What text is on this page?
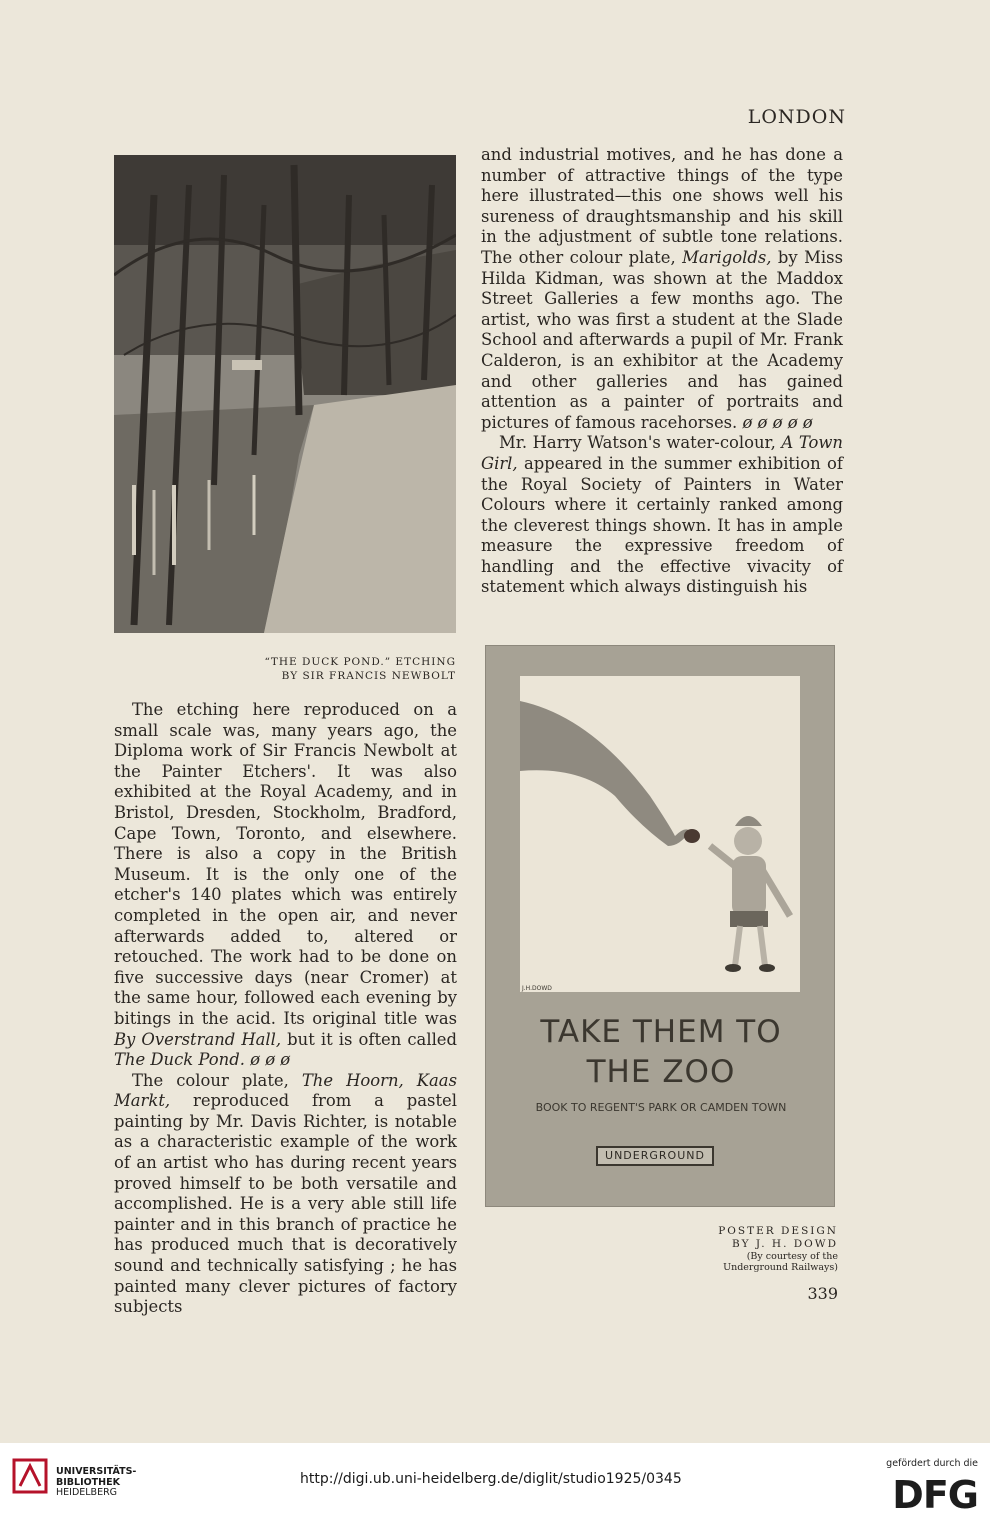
LONDON

and industrial motives, and he has done a number of attractive things of the type here illustrated—this one shows well his sureness of draughtsmanship and his skill in the adjustment of subtle tone relations. The other colour plate, Marigolds, by Miss Hilda Kidman, was shown at the Maddox Street Galleries a few months ago. The artist, who was first a student at the Slade School and afterwards a pupil of Mr. Frank Calderon, is an exhibitor at the Academy and other galleries and has gained attention as a painter of portraits and pictures of famous racehorses. ø ø ø ø ø

Mr. Harry Watson's water-colour, A Town Girl, appeared in the summer exhibition of the Royal Society of Painters in Water Colours where it certainly ranked among the cleverest things shown. It has in ample measure the expressive freedom of handling and the effective vivacity of statement which always distinguish his

“THE DUCK POND.” ETCHING
BY SIR FRANCIS NEWBOLT

The etching here reproduced on a small scale was, many years ago, the Diploma work of Sir Francis Newbolt at the Painter Etchers'. It was also exhibited at the Royal Academy, and in Bristol, Dresden, Stockholm, Bradford, Cape Town, Toronto, and elsewhere. There is also a copy in the British Museum. It is the only one of the etcher's 140 plates which was entirely completed in the open air, and never afterwards added to, altered or retouched. The work had to be done on five successive days (near Cromer) at the same hour, followed each evening by bitings in the acid. Its original title was By Overstrand Hall, but it is often called The Duck Pond. ø ø ø

The colour plate, The Hoorn, Kaas Markt, reproduced from a pastel painting by Mr. Davis Richter, is notable as a characteristic example of the work of an artist who has during recent years proved himself to be both versatile and accomplished. He is a very able still life painter and in this branch of practice he has produced much that is decoratively sound and technically satisfying ; he has painted many clever pictures of factory subjects

J.H.DOWD
TAKE THEM TO
THE ZOO
BOOK TO REGENT'S PARK OR CAMDEN TOWN
UNDERGROUND
POSTER DESIGN
BY J. H. DOWD
(By courtesy of the
Underground Railways)
339
UNIVERSITÄTS-
BIBLIOTHEK
HEIDELBERG
http://digi.ub.uni-heidelberg.de/diglit/studio1925/0345
gefördert durch die
DFG
